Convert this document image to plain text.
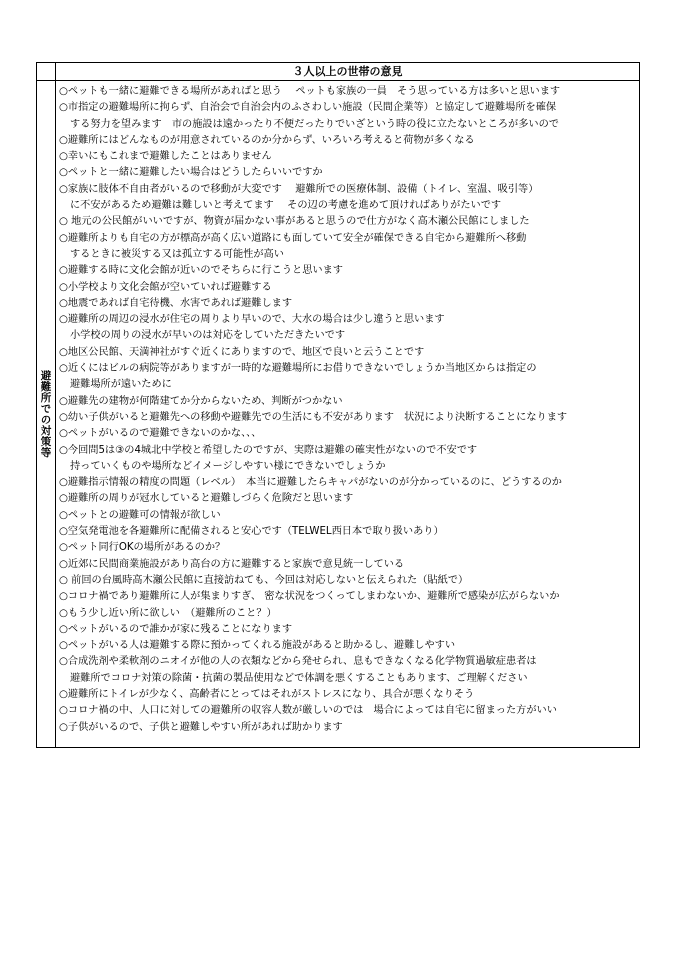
３人以上の世帯の意見
避難所での対策等
○ペットも一緒に避難できる場所があればと思う　 ペットも家族の一員　そう思っている方は多いと思います
○市指定の避難場所に拘らず、自治会で自治会内のふさわしい施設（民間企業等）と協定して避難場所を確保
する努力を望みます　市の施設は遠かったり不便だったりでいざという時の役に立たないところが多いので
○避難所にはどんなものが用意されているのか分からず、いろいろ考えると荷物が多くなる
○幸いにもこれまで避難したことはありません
○ペットと一緒に避難したい場合はどうしたらいいですか
○家族に肢体不自由者がいるので移動が大変です　 避難所での医療体制、設備（トイレ、室温、吸引等）
に不安があるため避難は難しいと考えてます　 その辺の考慮を進めて頂ければありがたいです
○ 地元の公民館がいいですが、物資が届かない事があると思うので仕方がなく高木瀬公民館にしました
○避難所よりも自宅の方が標高が高く広い道路にも面していて安全が確保できる自宅から避難所へ移動
するときに被災する又は孤立する可能性が高い
○避難する時に文化会館が近いのでそちらに行こうと思います
○小学校より文化会館が空いていれば避難する
○地震であれば自宅待機、水害であれば避難します
○避難所の周辺の浸水が住宅の周りより早いので、大水の場合は少し違うと思います
小学校の周りの浸水が早いのは対応をしていただきたいです
○地区公民館、天満神社がすぐ近くにありますので、地区で良いと云うことです
○近くにはビルの病院等がありますが一時的な避難場所にお借りできないでしょうか当地区からは指定の
避難場所が遠いために
○避難先の建物が何階建てか分からないため、判断がつかない
○幼い子供がいると避難先への移動や避難先での生活にも不安があります　状況により決断することになります
○ペットがいるので避難できないのかな、、、
○今回問5は③の4城北中学校と希望したのですが、実際は避難の確実性がないので不安です
持っていくものや場所などイメージしやすい様にできないでしょうか
○避難指示情報の精度の問題（レベル）　本当に避難したらキャパがないのが分かっているのに、どうするのか
○避難所の周りが冠水していると避難しづらく危険だと思います
○ペットとの避難可の情報が欲しい
○空気発電池を各避難所に配備されると安心です（TELWEL西日本で取り扱いあり）
○ペット同行OKの場所があるのか？
○近郊に民間商業施設があり高台の方に避難すると家族で意見統一している
○ 前回の台風時高木瀬公民館に直接訪ねても、今回は対応しないと伝えられた（貼紙で）
○コロナ禍であり避難所に人が集まりすぎ、 密な状況をつくってしまわないか、避難所で感染が広がらないか
○もう少し近い所に欲しい　（避難所のこと？）
○ペットがいるので誰かが家に残ることになります
○ペットがいる人は避難する際に預かってくれる施設があると助かるし、避難しやすい
○合成洗剤や柔軟剤のニオイが他の人の衣類などから発せられ、息もできなくなる化学物質過敏症患者は
避難所でコロナ対策の除菌・抗菌の製品使用などで体調を悪くすることもあります、ご理解ください
○避難所にトイレが少なく、高齢者にとってはそれがストレスになり、具合が悪くなりそう
○コロナ禍の中、人口に対しての避難所の収容人数が厳しいのでは　場合によっては自宅に留まった方がいい
○子供がいるので、子供と避難しやすい所があれば助かります
